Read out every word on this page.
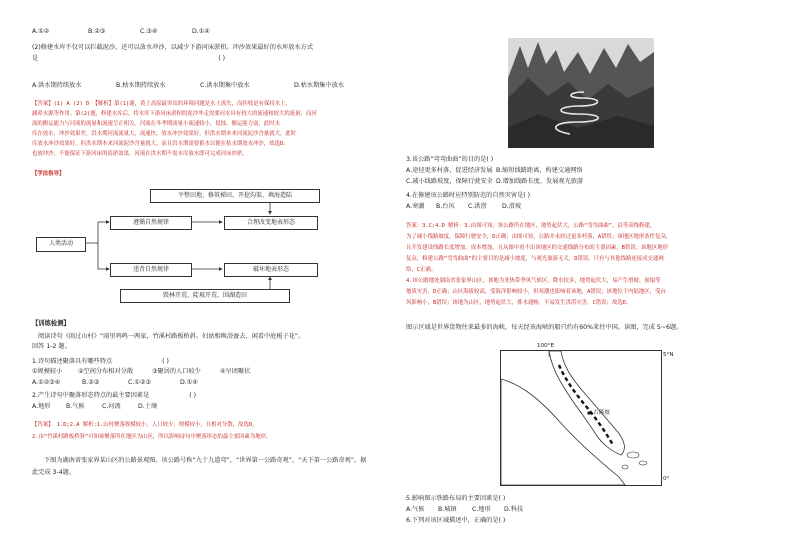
A.①②	B.②③	C.③④	D.①④
(2)修建水库不仅可以拦截泥沙，还可以放水冲沙，以减少下游河床淤积。冲沙效果最好的水库放水方式
是	( )
A.洪水期持续放水	B.枯水期持续放水	C.洪水期集中放水	D.枯水期集中放水
【答案】(1) A (2) D 【解析】第(1)题，黄土高原最突出的环境问题是水土流失，而挂枝是有保持水土、
涵养水源等作用。第(2)题，修建水库后，将水库下游河床淤积的泥沙冲走需要河水具有较大的流速和较大的流量，而河
流的搬运能力与河流的流量和流速呈正相关。河流在冬季期流量小流速较小，侵蚀、搬运能力弱，此时水
库在放水，冲沙效果差，洪水期河流流量大，流速快，放水冲沙效果好，但洪水期本来河流泥沙含量就大，此时
库放水冲沙效果好，但洪水期本来河流泥沙含量就大，而且洪水期需要蓄水以便在枯水期放水冲沙，故选D。
也放冲沙，不能保证下游河床的清淤效果，河流在洪水期不需水库放水即可完成河床冲淤。
【学法指导】
平整田地、修筑梯田、开挖沟渠、填海造陆
遵循自然规律	合理改变地表形态
人类活动
违背自然规律	破坏地表形态
毁林开荒、陡坡开荒、围湖造田
【训练检测】
阅读诗句《雨过山村》“雨里鸡鸣一两家，竹溪村路板桥斜。妇姑相唤浴蚕去，闲看中庭栀子花”。
回答 1-2 题。
1.诗句描述聚落具有哪些特点	( )
①规模较小	②空间分布相对分散	③聚居的人口较少	④呈团聚状
A.①②③④	B.②③	C.①②③	D.①④
2.产生诗句中聚落形态特点的最主要因素是	( )
A.地形	B.气候	C.河流	D.土壤
【答案】 1.D;2.A 解析:1.山村聚落规模较小，人口较少，规模较小，且相对分散，故选D。
2.由“竹溪村路板桥斜”可知该聚落所在地区为山区，所以影响诗句中聚落形态的最主要因素为地形。
下图为湖南省张家界某山区的公路景观图。该公路号称“九十九道弯”，“世界第一公路奇观”，“天下第一公路奇观”。据
此完成 3-4题。
3.该公路“弯弯曲曲”的目的是( )
A.途径更多村落，促进经济发展 B.缩短线路距离，构建交通网络
C.减小线路坡度，保障行驶安全 D.增加线路长度，发展观光旅游
4.在修建该公路时应特别防范的自然灾害是( )
A.寒潮 B.台风 C.洪涝 D.滑坡
答案：3.C;4.D 解析：3.由图可知，该公路所在地区，地势起伏大，公路“弯弯曲曲”，沿等高线修建，
为了减小线路坡度，保障行驶安全，D正确；由图可知，公路并未经过更多村落，A错误；该地区地形条件复杂，
且开发建设线路长度增加，成本增加，且从图中看不出该地区的交通线路分布的主要因素，B错误；该地区地形
复杂，修建公路“弯弯曲曲”的主要目的是减小坡度，与观光旅游无关，D错误。只有与其他线路连接成交通网
络，C正确。
4.该公路地处湖南省张家界山区，该地为亚热带季风气候区，降水较多，地势起伏大，易产生滑坡、崩塌等
地质灾害，D正确；山区海拔较高，受海洋影响较小，但寒潮也影响着该地，A错误；该地位于内陆地区，受台
风影响小，B错误；该地为山区，地势起伏大，排水通畅，不易发生洪涝灾害，C错误；故选D。
图示区域是世界货物往来最多的海峡，每天经该海峡的船只约有60%来往中国。读图，完成 5~6题。
100°E
5°N
0°
吉隆坡
5.影响图示铁路布局的主要因素是( )
A.气候 B.城镇 C.地形 D.科技
6.下列对该区域描述中，正确的是( )
